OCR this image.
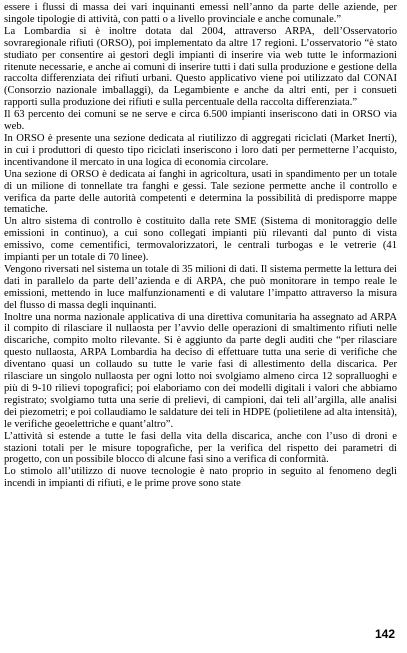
essere i flussi di massa dei vari inquinanti emessi nell’anno da parte delle aziende, per singole tipologie di attività, con patti o a livello provinciale e anche comunale.”

La Lombardia si è inoltre dotata dal 2004, attraverso ARPA, dell’Osservatorio sovraregionale rifiuti (ORSO), poi implementato da altre 17 regioni. L’osservatorio “è stato studiato per consentire ai gestori degli impianti di inserire via web tutte le informazioni ritenute necessarie, e anche ai comuni di inserire tutti i dati sulla produzione e gestione della raccolta differenziata dei rifiuti urbani. Questo applicativo viene poi utilizzato dal CONAI (Consorzio nazionale imballaggi), da Legambiente e anche da altri enti, per i consueti rapporti sulla produzione dei rifiuti e sulla percentuale della raccolta differenziata.”

Il 63 percento dei comuni se ne serve e circa 6.500 impianti inseriscono dati in ORSO via web.

In ORSO è presente una sezione dedicata al riutilizzo di aggregati riciclati (Market Inerti), in cui i produttori di questo tipo riciclati inseriscono i loro dati per permetterne l’acquisto, incentivandone il mercato in una logica di economia circolare.

Una sezione di ORSO è dedicata ai fanghi in agricoltura, usati in spandimento per un totale di un milione di tonnellate tra fanghi e gessi. Tale sezione permette anche il controllo e verifica da parte delle autorità competenti e determina la possibilità di predisporre mappe tematiche.

Un altro sistema di controllo è costituito dalla rete SME (Sistema di monitoraggio delle emissioni in continuo), a cui sono collegati impianti più rilevanti dal punto di vista emissivo, come cementifici, termovalorizzatori, le centrali turbogas e le vetrerie (41 impianti per un totale di 70 linee).

Vengono riversati nel sistema un totale di 35 milioni di dati. Il sistema permette la lettura dei dati in parallelo da parte dell’azienda e di ARPA, che può monitorare in tempo reale le emissioni, mettendo in luce malfunzionamenti e di valutare l’impatto attraverso la misura del flusso di massa degli inquinanti.

Inoltre una norma nazionale applicativa di una direttiva comunitaria ha assegnato ad ARPA il compito di rilasciare il nullaosta per l’avvio delle operazioni di smaltimento rifiuti nelle discariche, compito molto rilevante. Si è aggiunto da parte degli auditi che “per rilasciare questo nullaosta, ARPA Lombardia ha deciso di effettuare tutta una serie di verifiche che diventano quasi un collaudo su tutte le varie fasi di allestimento della discarica. Per rilasciare un singolo nullaosta per ogni lotto noi svolgiamo almeno circa 12 sopralluoghi e più di 9-10 rilievi topografici; poi elaboriamo con dei modelli digitali i valori che abbiamo registrato; svolgiamo tutta una serie di prelievi, di campioni, dai teli all’argilla, alle analisi dei piezometri; e poi collaudiamo le saldature dei teli in HDPE (polietilene ad alta intensità), le verifiche geoelettriche e quant’altro”.

L’attività si estende a tutte le fasi della vita della discarica, anche con l’uso di droni e stazioni totali per le misure topografiche, per la verifica del rispetto dei parametri di progetto, con un possibile blocco di alcune fasi sino a verifica di conformità.

Lo stimolo all’utilizzo di nuove tecnologie è nato proprio in seguito al fenomeno degli incendi in impianti di rifiuti, e le prime prove sono state

142
